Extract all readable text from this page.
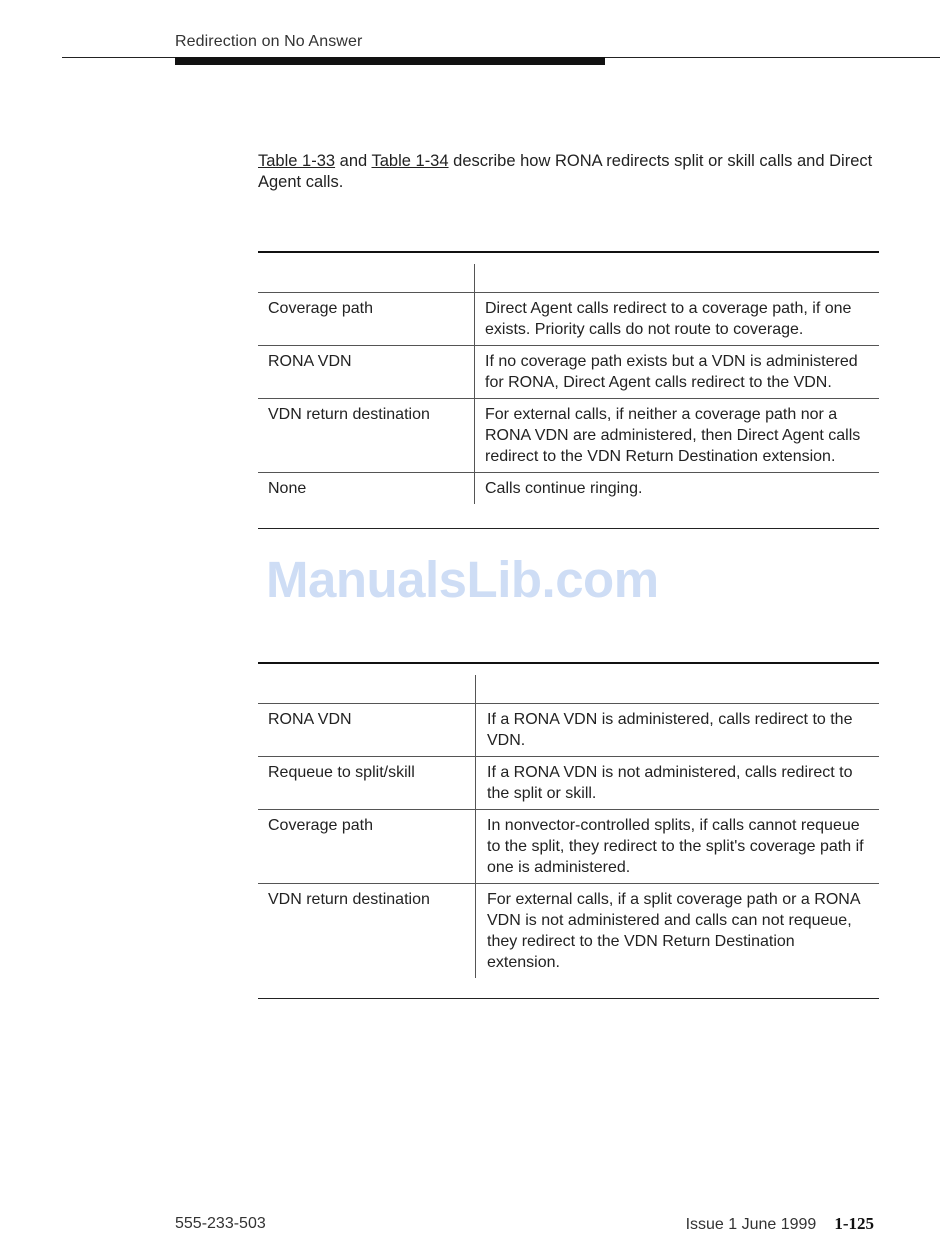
Redirection on No Answer

Table 1-33 and Table 1-34 describe how RONA redirects split or skill calls and Direct Agent calls.

Coverage path	Direct Agent calls redirect to a coverage path, if one exists. Priority calls do not route to coverage.
RONA VDN	If no coverage path exists but a VDN is administered for RONA, Direct Agent calls redirect to the VDN.
VDN return destination	For external calls, if neither a coverage path nor a RONA VDN are administered, then Direct Agent calls redirect to the VDN Return Destination extension.
None	Calls continue ringing.
ManualsLib.com
RONA VDN	If a RONA VDN is administered, calls redirect to the VDN.
Requeue to split/skill	If a RONA VDN is not administered, calls redirect to the split or skill.
Coverage path	In nonvector-controlled splits, if calls cannot requeue to the split, they redirect to the split's coverage path if one is administered.
VDN return destination	For external calls, if a split coverage path or a RONA VDN is not administered and calls can not requeue, they redirect to the VDN Return Destination extension.
555-233-503	Issue 1 June 1999 1-125
